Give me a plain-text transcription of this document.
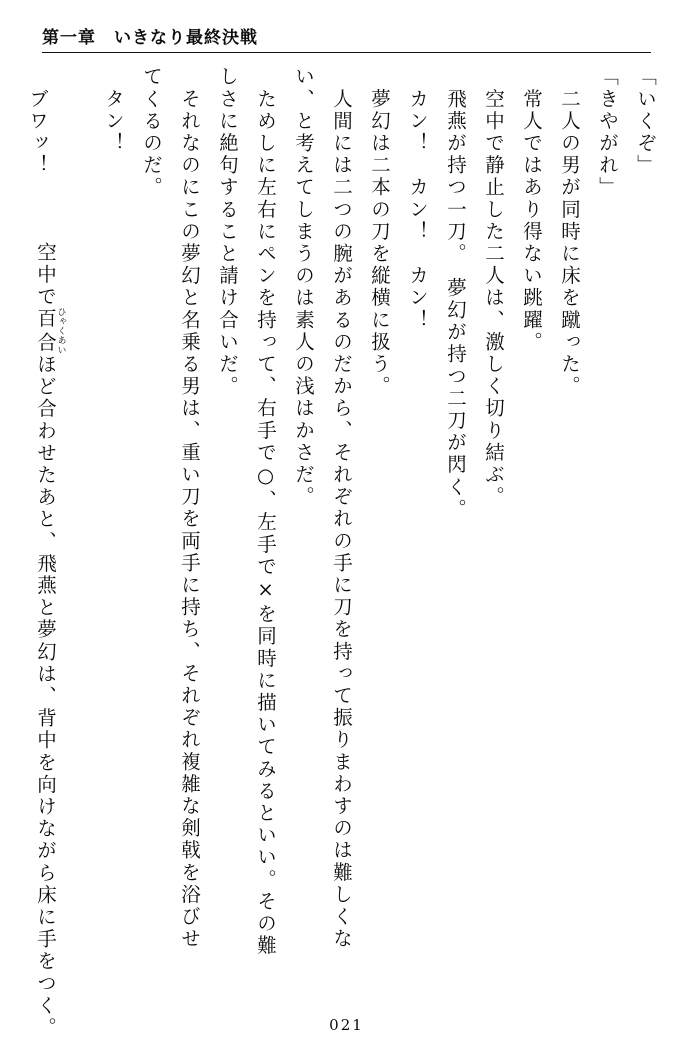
第一章 いきなり最終決戦
「いくぞ」
「きやがれ」
　二人の男が同時に床を蹴った。
　常人ではあり得ない跳躍。
　空中で静止した二人は、激しく切り結ぶ。
　飛燕が持つ一刀。　夢幻が持つ二刀が閃く。
　カン！　カン！　カン！
　夢幻は二本の刀を縦横に扱う。
　人間には二つの腕があるのだから、それぞれの手に刀を持って振りまわすのは難しくな
い、と考えてしまうのは素人の浅はかさだ。
　ためしに左右にペンを持って、右手で○、左手で×を同時に描いてみるといい。その難
しさに絶句すること請け合いだ。
　それなのにこの夢幻と名乗る男は、重い刀を両手に持ち、それぞれ複雑な剣戟を浴びせ
てくるのだ。
　タン！

　空中で百合ひゃくあいほど合わせたあと、飛燕と夢幻は、背中を向けながら床に手をつく。

　ブワッ！
021
